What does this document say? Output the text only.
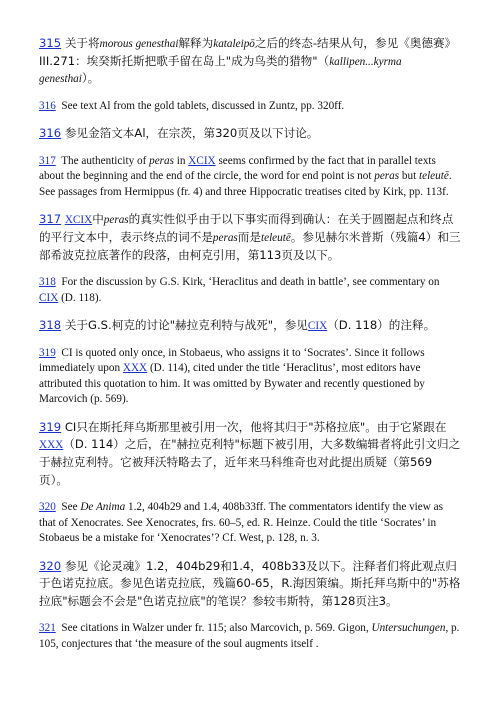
315 关于将morous genesthai解释为kataleipō之后的终态-结果从句，参见《奥德赛》III.271：埃癸斯托斯把歌手留在岛上"成为鸟类的猎物"（kallipen...kyrma genesthai）。

316 See text Al from the gold tablets, discussed in Zuntz, pp. 320ff.

316 参见金箔文本Al，在宗茨，第320页及以下讨论。

317 The authenticity of peras in XCIX seems confirmed by the fact that in parallel texts about the beginning and the end of the circle, the word for end point is not peras but teleutē. See passages from Hermippus (fr. 4) and three Hippocratic treatises cited by Kirk, pp. 113f.

317 XCIX中peras的真实性似乎由于以下事实而得到确认：在关于圆圈起点和终点的平行文本中，表示终点的词不是peras而是teleutē。参见赫尔米普斯（残篇4）和三部希波克拉底著作的段落，由柯克引用，第113页及以下。

318 For the discussion by G.S. Kirk, ‘Heraclitus and death in battle’, see commentary on CIX (D. 118).

318 关于G.S.柯克的讨论"赫拉克利特与战死"，参见CIX（D. 118）的注释。

319 CI is quoted only once, in Stobaeus, who assigns it to ‘Socrates’. Since it follows immediately upon XXX (D. 114), cited under the title ‘Heraclitus’, most editors have attributed this quotation to him. It was omitted by Bywater and recently questioned by Marcovich (p. 569).

319 CI只在斯托拜乌斯那里被引用一次，他将其归于"苏格拉底"。由于它紧跟在XXX（D. 114）之后，在"赫拉克利特"标题下被引用，大多数编辑者将此引文归之于赫拉克利特。它被拜沃特略去了，近年来马科维奇也对此提出质疑（第569页）。

320 See De Anima 1.2, 404b29 and 1.4, 408b33ff. The commentators identify the view as that of Xenocrates. See Xenocrates, frs. 60–5, ed. R. Heinze. Could the title ‘Socrates’ in Stobaeus be a mistake for ‘Xenocrates’? Cf. West, p. 128, n. 3.

320 参见《论灵魂》1.2，404b29和1.4，408b33及以下。注释者们将此观点归于色诺克拉底。参见色诺克拉底，残篇60-65，R.海因策编。斯托拜乌斯中的"苏格拉底"标题会不会是"色诺克拉底"的笔误？参较韦斯特，第128页注3。

321 See citations in Walzer under fr. 115; also Marcovich, p. 569. Gigon, Untersuchungen, p. 105, conjectures that ‘the measure of the soul augments itself .
